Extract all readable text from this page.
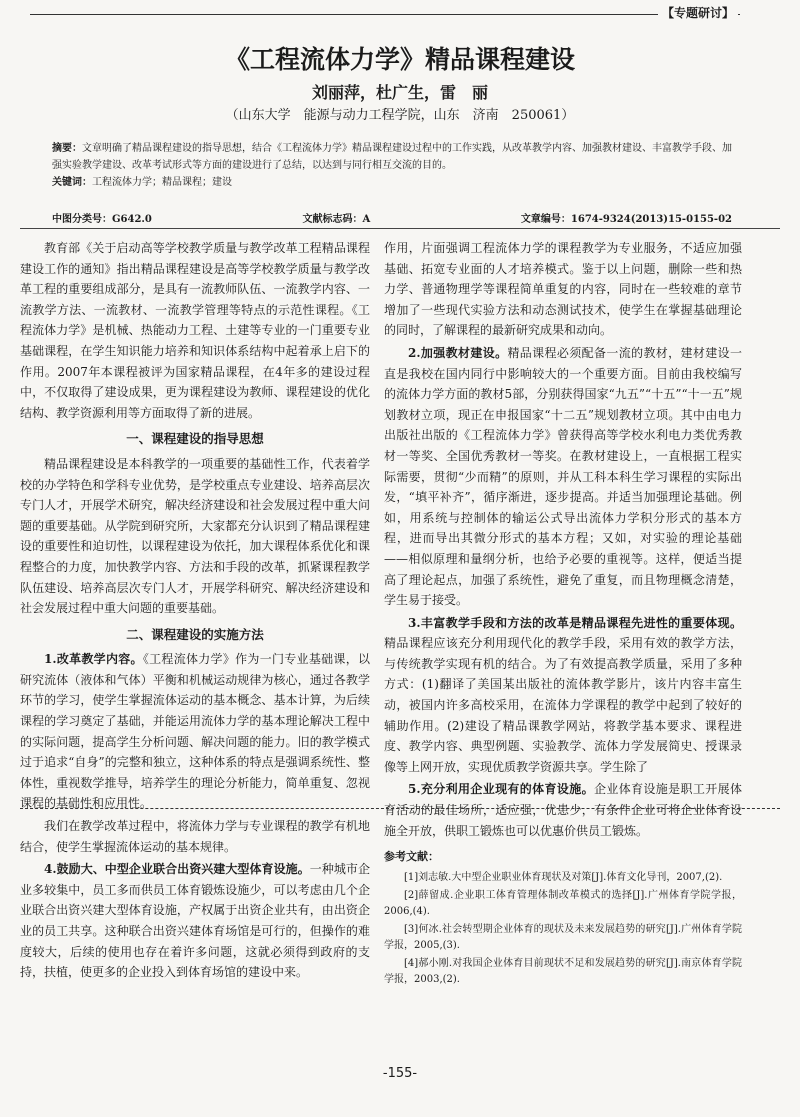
【专题研讨】
《工程流体力学》精品课程建设
刘丽萍，杜广生，雷　丽
（山东大学　能源与动力工程学院，山东　济南　250061）
摘要：文章明确了精品课程建设的指导思想，结合《工程流体力学》精品课程建设过程中的工作实践，从改革教学内容、加强教材建设、丰富教学手段、加强实验教学建设、改革考试形式等方面的建设进行了总结，以达到与同行相互交流的目的。
关键词：工程流体力学；精品课程；建设
中图分类号：G642.0	文献标志码：A	文章编号：1674-9324(2013)15-0155-02

教育部《关于启动高等学校教学质量与教学改革工程精品课程建设工作的通知》指出精品课程建设是高等学校教学质量与教学改革工程的重要组成部分，是具有一流教师队伍、一流教学内容、一流教学方法、一流教材、一流教学管理等特点的示范性课程。《工程流体力学》是机械、热能动力工程、土建等专业的一门重要专业基础课程，在学生知识能力培养和知识体系结构中起着承上启下的作用。2007年本课程被评为国家精品课程，在4年多的建设过程中，不仅取得了建设成果，更为课程建设为教师、课程建设的优化结构、教学资源利用等方面取得了新的进展。

一、课程建设的指导思想

精品课程建设是本科教学的一项重要的基础性工作，代表着学校的办学特色和学科专业优势，是学校重点专业建设、培养高层次专门人才，开展学术研究，解决经济建设和社会发展过程中重大问题的重要基础。从学院到研究所，大家都充分认识到了精品课程建设的重要性和迫切性，以课程建设为依托，加大课程体系优化和课程整合的力度，加快教学内容、方法和手段的改革，抓紧课程教学队伍建设、培养高层次专门人才，开展学科研究、解决经济建设和社会发展过程中重大问题的重要基础。

二、课程建设的实施方法

1.改革教学内容。《工程流体力学》作为一门专业基础课，以研究流体（液体和气体）平衡和机械运动规律为核心，通过各教学环节的学习，使学生掌握流体运动的基本概念、基本计算，为后续课程的学习奠定了基础，并能运用流体力学的基本理论解决工程中的实际问题，提高学生分析问题、解决问题的能力。旧的教学模式过于追求“自身”的完整和独立，这种体系的特点是强调系统性、整体性，重视数学推导，培养学生的理论分析能力，简单重复、忽视课程的基础性和应用性。

我们在教学改革过程中，将流体力学与专业课程的教学有机地结合，使学生掌握流体运动的基本规律。

4.鼓励大、中型企业联合出资兴建大型体育设施。一种城市企业多较集中，员工多而供员工体育锻炼设施少，可以考虑由几个企业联合出资兴建大型体育设施，产权属于出资企业共有，由出资企业的员工共享。这种联合出资兴建体育场馆是可行的，但操作的难度较大，后续的使用也存在着许多问题，这就必须得到政府的支持，扶植，使更多的企业投入到体育场馆的建设中来。

作用，片面强调工程流体力学的课程教学为专业服务，不适应加强基础、拓宽专业面的人才培养模式。鉴于以上问题，删除一些和热力学、普通物理学等课程简单重复的内容，同时在一些较难的章节增加了一些现代实验方法和动态测试技术，使学生在掌握基础理论的同时，了解课程的最新研究成果和动向。

2.加强教材建设。精品课程必须配备一流的教材，建材建设一直是我校在国内同行中影响较大的一个重要方面。目前由我校编写的流体力学方面的教材5部，分别获得国家“九五”“十五”“十一五”规划教材立项，现正在申报国家“十二五”规划教材立项。其中由电力出版社出版的《工程流体力学》曾获得高等学校水利电力类优秀教材一等奖、全国优秀教材一等奖。在教材建设上，一直根据工程实际需要，贯彻“少而精”的原则，并从工科本科生学习课程的实际出发，“填平补齐”，循序渐进，逐步提高。并适当加强理论基础。例如，用系统与控制体的输运公式导出流体力学积分形式的基本方程，进而导出其微分形式的基本方程；又如，对实验的理论基础——相似原理和量纲分析，也给予必要的重视等。这样，便适当提高了理论起点，加强了系统性，避免了重复，而且物理概念清楚，学生易于接受。

3.丰富教学手段和方法的改革是精品课程先进性的重要体现。精品课程应该充分利用现代化的教学手段，采用有效的教学方法，与传统教学实现有机的结合。为了有效提高教学质量，采用了多种方式：(1)翻译了美国某出版社的流体教学影片，该片内容丰富生动，被国内许多高校采用，在流体力学课程的教学中起到了较好的辅助作用。(2)建设了精品课教学网站，将教学基本要求、课程进度、教学内容、典型例题、实验教学、流体力学发展简史、授课录像等上网开放，实现优质教学资源共享。学生除了

5.充分利用企业现有的体育设施。企业体育设施是职工开展体育活动的最佳场所，适应强，优患少，有条件企业可将企业体育设施全开放，供职工锻炼也可以优惠价供员工锻炼。

参考文献：

[1]刘志敏.大中型企业职业体育现状及对策[J].体育文化导刊，2007,(2).

[2]薛留成.企业职工体育管理体制改革模式的选择[J].广州体育学院学报，2006,(4).

[3]何冰.社会转型期企业体育的现状及未来发展趋势的研究[J].广州体育学院学报，2005,(3).

[4]郝小刚.对我国企业体育目前现状不足和发展趋势的研究[J].南京体育学院学报，2003,(2).

-155-
